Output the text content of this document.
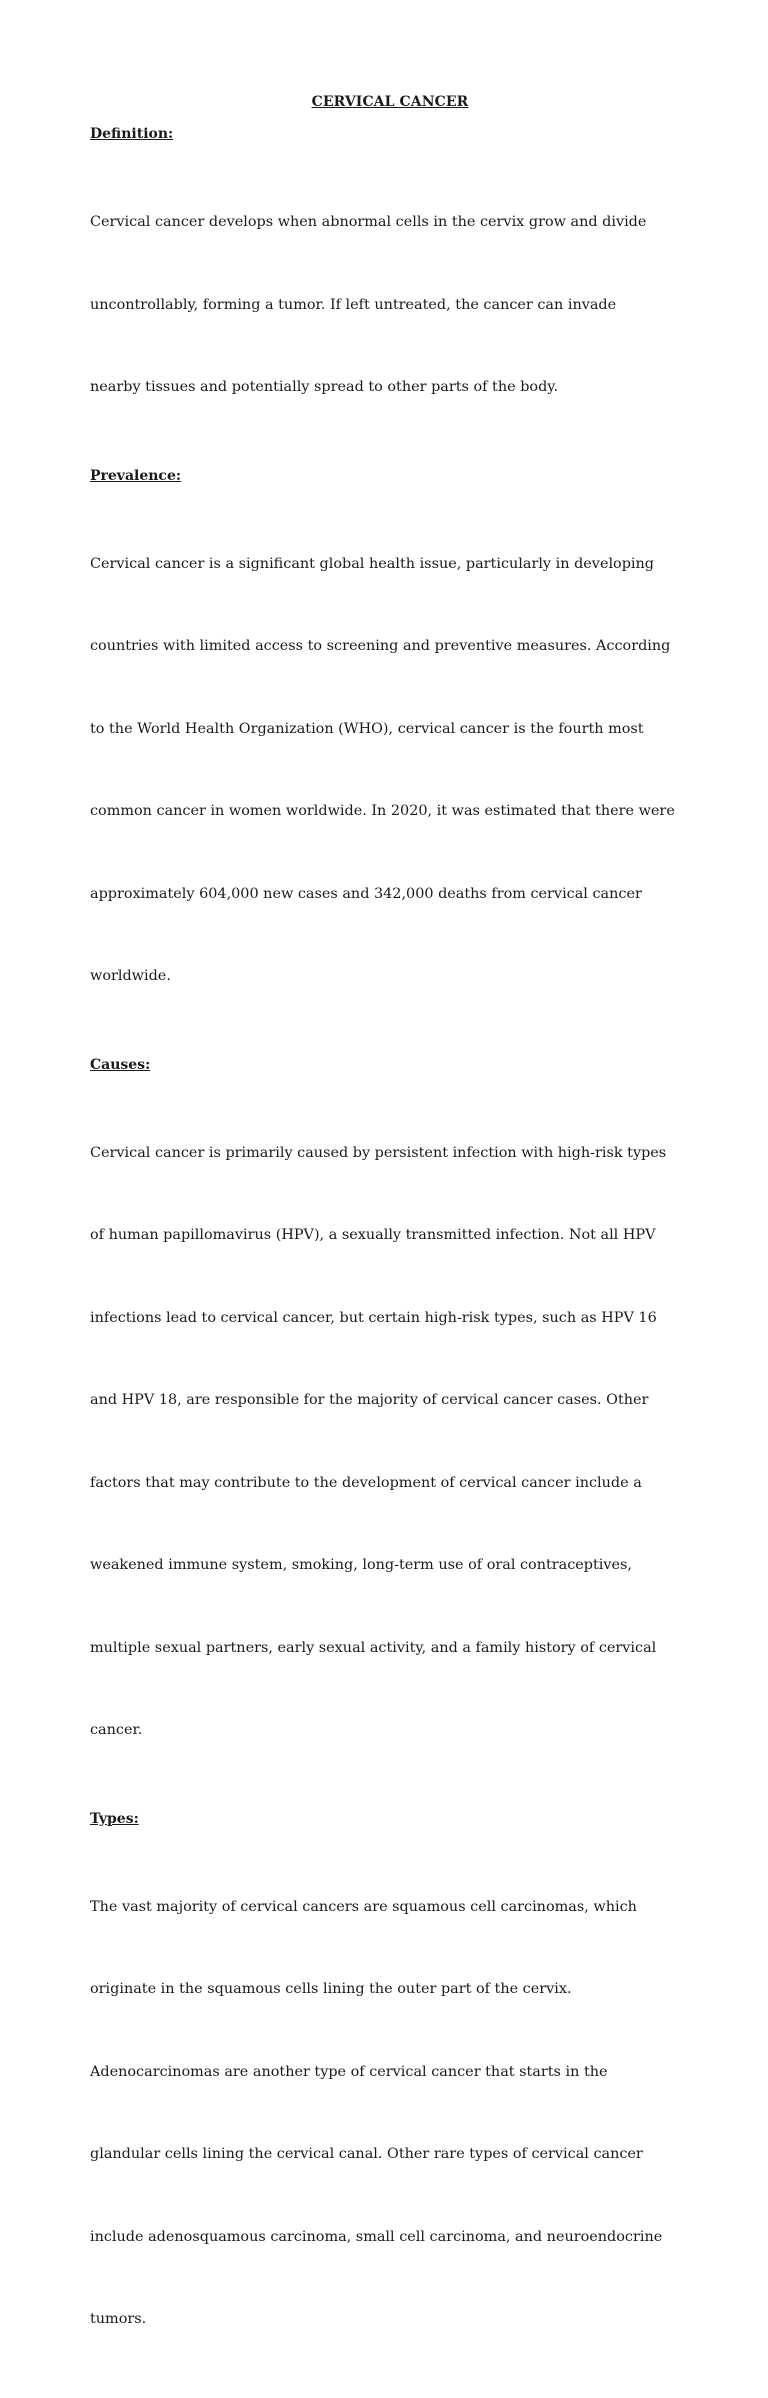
CERVICAL CANCER
Definition:

Cervical cancer develops when abnormal cells in the cervix grow and divide

uncontrollably, forming a tumor. If left untreated, the cancer can invade

nearby tissues and potentially spread to other parts of the body.

Prevalence:

Cervical cancer is a significant global health issue, particularly in developing

countries with limited access to screening and preventive measures. According

to the World Health Organization (WHO), cervical cancer is the fourth most

common cancer in women worldwide. In 2020, it was estimated that there were

approximately 604,000 new cases and 342,000 deaths from cervical cancer

worldwide.

Causes:

Cervical cancer is primarily caused by persistent infection with high-risk types

of human papillomavirus (HPV), a sexually transmitted infection. Not all HPV

infections lead to cervical cancer, but certain high-risk types, such as HPV 16

and HPV 18, are responsible for the majority of cervical cancer cases. Other

factors that may contribute to the development of cervical cancer include a

weakened immune system, smoking, long-term use of oral contraceptives,

multiple sexual partners, early sexual activity, and a family history of cervical

cancer.

Types:

The vast majority of cervical cancers are squamous cell carcinomas, which

originate in the squamous cells lining the outer part of the cervix.

Adenocarcinomas are another type of cervical cancer that starts in the

glandular cells lining the cervical canal. Other rare types of cervical cancer

include adenosquamous carcinoma, small cell carcinoma, and neuroendocrine

tumors.
